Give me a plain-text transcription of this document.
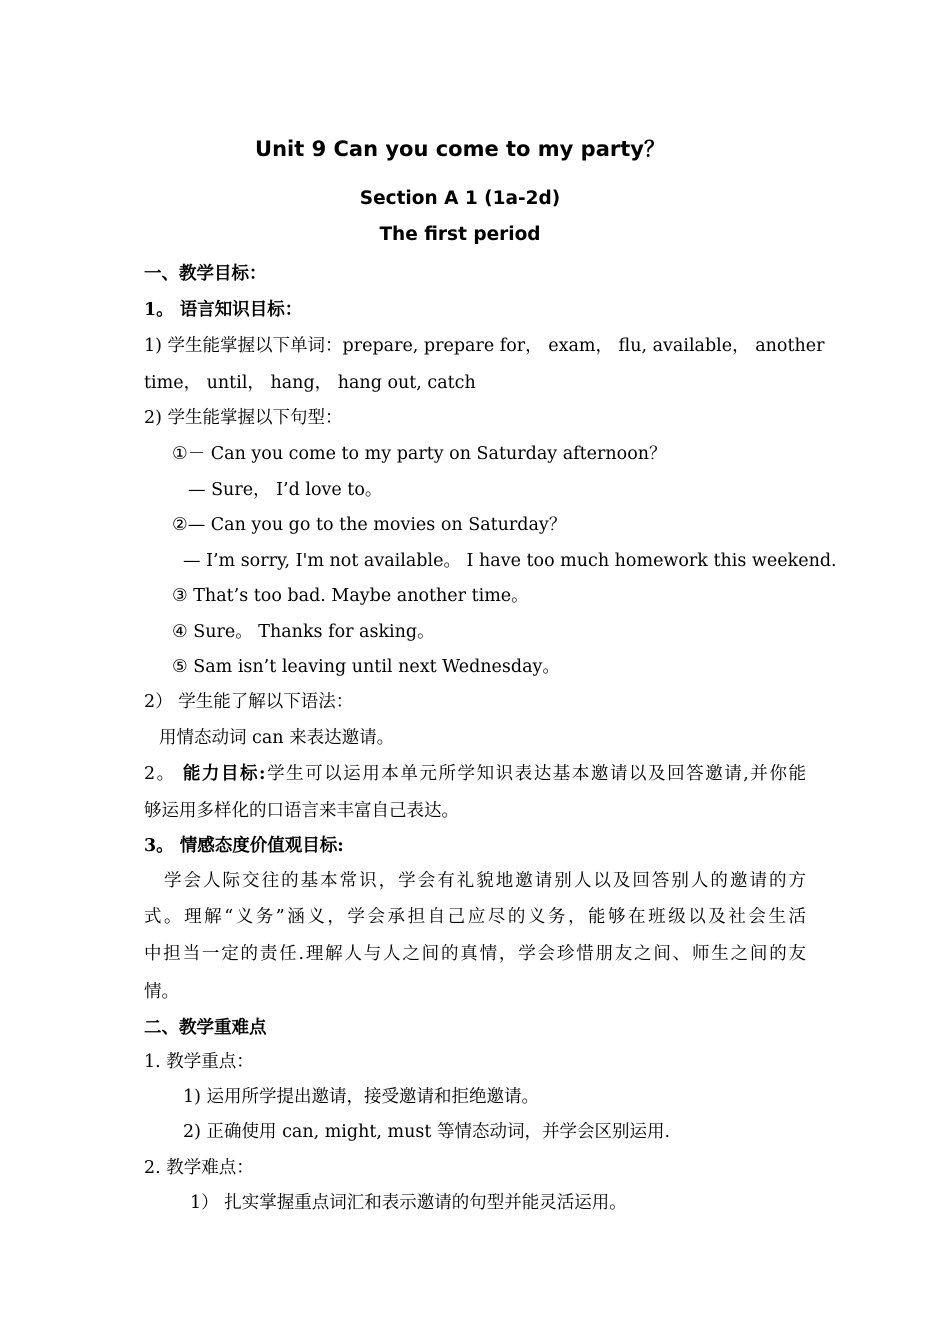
Unit 9 Can you come to my party？
Section A 1 (1a-2d)
The first period
一、教学目标：
1。 语言知识目标：
1) 学生能掌握以下单词：prepare, prepare for， exam， flu, available， another
time， until， hang， hang out, catch
2) 学生能掌握以下句型：
①－ Can you come to my party on Saturday afternoon？
— Sure， I’d love to。
②— Can you go to the movies on Saturday？
— I’m sorry, I'm not available。 I have too much homework this weekend.
③ That’s too bad. Maybe another time。
④ Sure。 Thanks for asking。
⑤ Sam isn’t leaving until next Wednesday。
2） 学生能了解以下语法：
用情态动词 can 来表达邀请。
2。 能力目标:学生可以运用本单元所学知识表达基本邀请以及回答邀请,并你能
够运用多样化的口语言来丰富自己表达。
3。 情感态度价值观目标:
学会人际交往的基本常识，学会有礼貌地邀请别人以及回答别人的邀请的方
式。理解“义务”涵义，学会承担自己应尽的义务，能够在班级以及社会生活
中担当一定的责任.理解人与人之间的真情，学会珍惜朋友之间、师生之间的友
情。
二、教学重难点
1. 教学重点：
1) 运用所学提出邀请，接受邀请和拒绝邀请。
2) 正确使用 can, might, must 等情态动词，并学会区别运用.
2. 教学难点：
1） 扎实掌握重点词汇和表示邀请的句型并能灵活运用。
